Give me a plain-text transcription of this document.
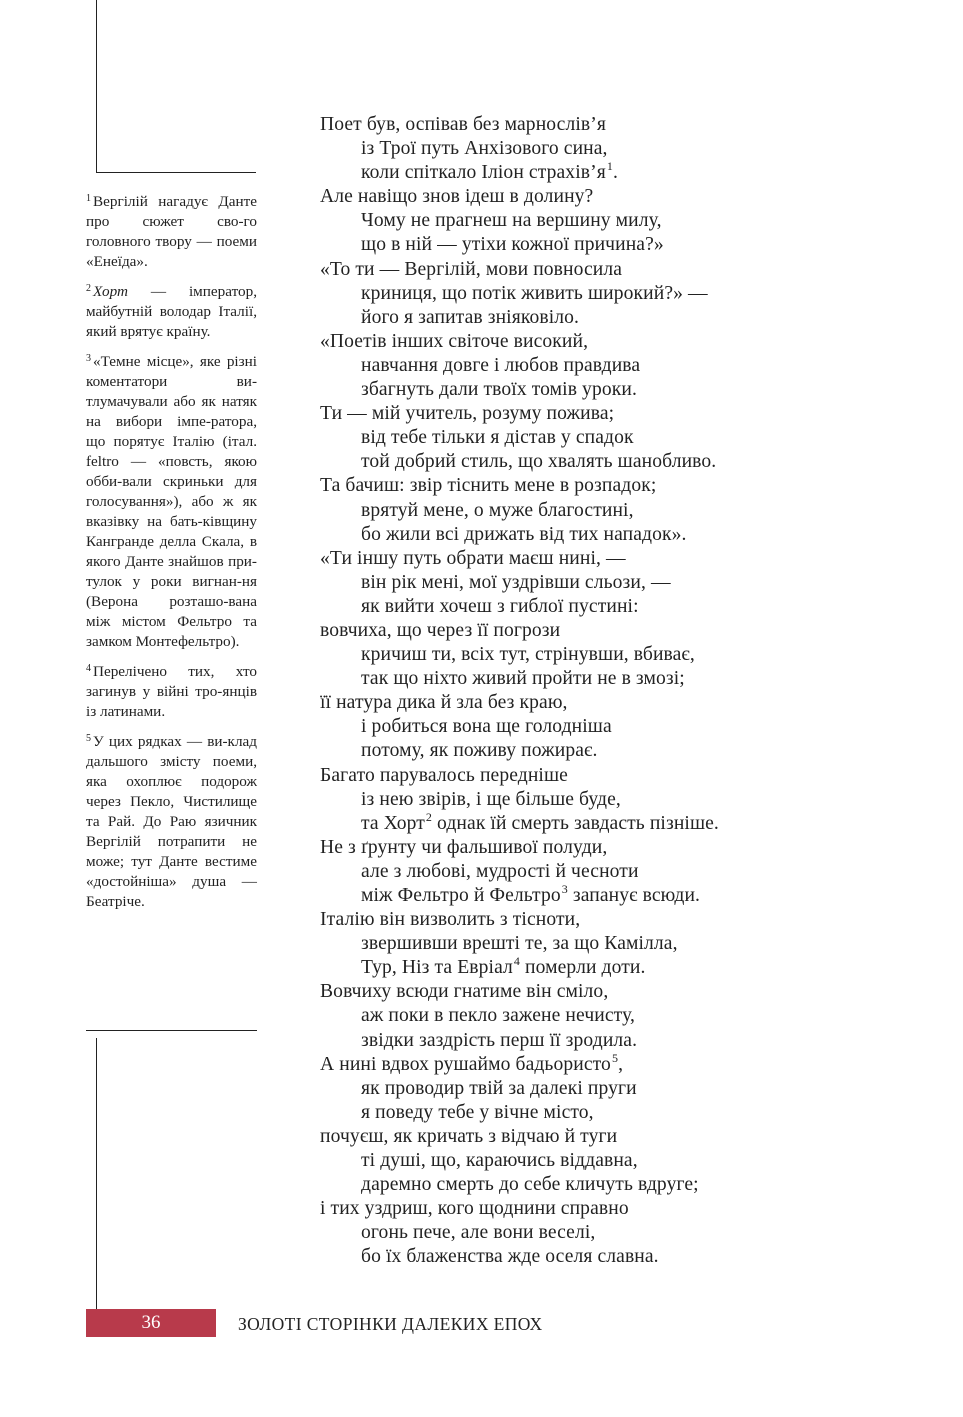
$^1$ Вергілій нагадує Данте про сюжет сво-го головного твору — поеми «Енеїда».

$^2$ Хорт — імператор, майбутній володар Італії, який врятує країну.

$^3$ «Темне місце», яке різні коментатори ви-тлумачували або як натяк на вибори імпе-ратора, що порятує Італію (італ. feltro — «повсть, якою обби-вали скриньки для голосування»), або ж як вказівку на бать-ківщину Кангранде делла Скала, в якого Данте знайшов при-тулок у роки вигнан-ня (Верона розташо-вана між містом Фельтро та замком Монтефельтро).

$^4$ Перелічено тих, хто загинув у війні тро-янців із латинами.

$^5$ У цих рядках — ви-клад дальшого змісту поеми, яка охоплює подорож через Пекло, Чистилище та Рай. До Раю язичник Вергілій потрапити не може; тут Данте вестиме «достойніша» душа — Беатріче.

Поет був, оспівав без марнослів’я
із Трої путь Анхізового сина,
коли спіткало Іліон $страхів’я^1$.
Але навіщо знов ідеш в долину?
Чому не прагнеш на вершину милу,
що в ній — утіхи кожної причина?»
«То ти — Вергілій, мови повносила
криниця, що потік живить широкий?» —
його я запитав зніяковіло.
«Поетів інших світоче високий,
навчання довге і любов правдива
збагнуть дали твоїх томів уроки.
Ти — мій учитель, розуму пожива;
від тебе тільки я дістав у спадок
той добрий стиль, що хвалять шанобливо.
Та бачиш: звір тіснить мене в розпадок;
врятуй мене, о муже благостині,
бо жили всі дрижать від тих нападок».
«Ти іншу путь обрати маєш нині, —
він рік мені, мої уздрівши сльози, —
як вийти хочеш з гиблої пустині:
вовчиха, що через її погрози
кричиш ти, всіх тут, стрінувши, вбиває,
так що ніхто живий пройти не в змозі;
її натура дика й зла без краю,
і робиться вона ще голодніша
потому, як поживу пожирає.
Багато парувалось передніше
із нею звірів, і ще більше буде,
та Хорт$^2$ однак їй смерть завдасть пізніше.
Не з ґрунту чи фальшивої полуди,
але з любові, мудрості й чесноти
між Фельтро й Фельтро$^3$ запанує всюди.
Італію він визволить з тісноти,
звершивши врешті те, за що Камілла,
Тур, Ніз та Евріал$^4$ померли доти.
Вовчиху всюди гнатиме він сміло,
аж поки в пекло зажене нечисту,
звідки заздрість перш її зродила.
А нині вдвох рушаймо бадьористо$^5$,
як проводир твій за далекі пруги
я поведу тебе у вічне місто,
почуєш, як кричать з відчаю й туги
ті душі, що, караючись віддавна,
даремно смерть до себе кличуть вдруге;
і тих уздриш, кого щоднини справно
огонь пече, але вони веселі,
бо їх блаженства жде оселя славна.
36	ЗОЛОТІ СТОРІНКИ ДАЛЕКИХ ЕПОХ
